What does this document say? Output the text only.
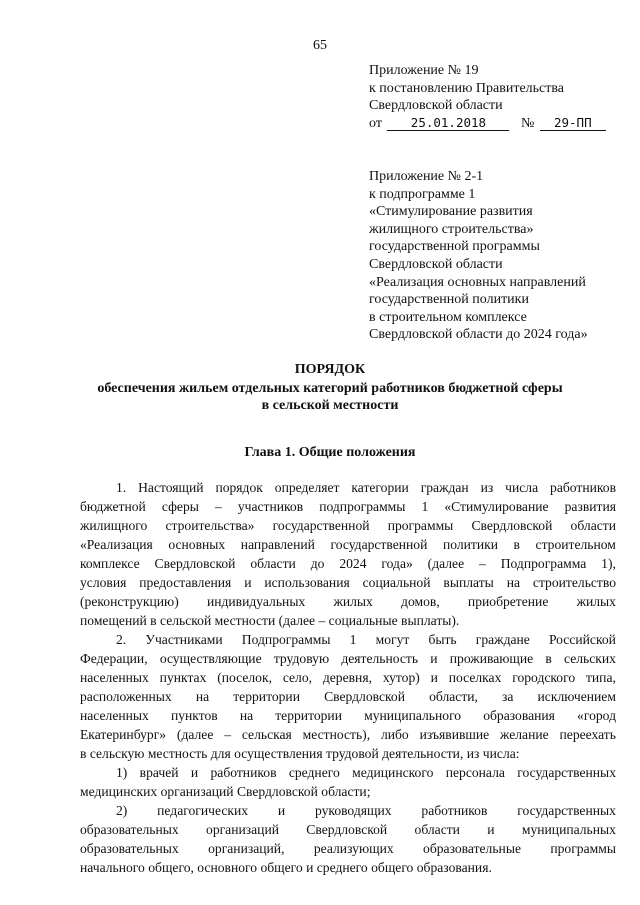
65
Приложение № 19
к постановлению Правительства
Свердловской области
от 25.01.2018 № 29-ПП
Приложение № 2-1
к подпрограмме 1
«Стимулирование развития
жилищного строительства»
государственной программы
Свердловской области
«Реализация основных направлений
государственной политики
в строительном комплексе
Свердловской области до 2024 года»
ПОРЯДОК
обеспечения жильем отдельных категорий работников бюджетной сферы
в сельской местности
Глава 1. Общие положения
1. Настоящий порядок определяет категории граждан из числа работников
бюджетной сферы – участников подпрограммы 1 «Стимулирование развития
жилищного строительства» государственной программы Свердловской области
«Реализация основных направлений государственной политики в строительном
комплексе Свердловской области до 2024 года» (далее – Подпрограмма 1),
условия предоставления и использования социальной выплаты на строительство
(реконструкцию) индивидуальных жилых домов, приобретение жилых
помещений в сельской местности (далее – социальные выплаты).
2. Участниками Подпрограммы 1 могут быть граждане Российской
Федерации, осуществляющие трудовую деятельность и проживающие в сельских
населенных пунктах (поселок, село, деревня, хутор) и поселках городского типа,
расположенных на территории Свердловской области, за исключением
населенных пунктов на территории муниципального образования «город
Екатеринбург» (далее – сельская местность), либо изъявившие желание переехать
в сельскую местность для осуществления трудовой деятельности, из числа:
1) врачей и работников среднего медицинского персонала государственных
медицинских организаций Свердловской области;
2) педагогических и руководящих работников государственных
образовательных организаций Свердловской области и муниципальных
образовательных организаций, реализующих образовательные программы
начального общего, основного общего и среднего общего образования.
